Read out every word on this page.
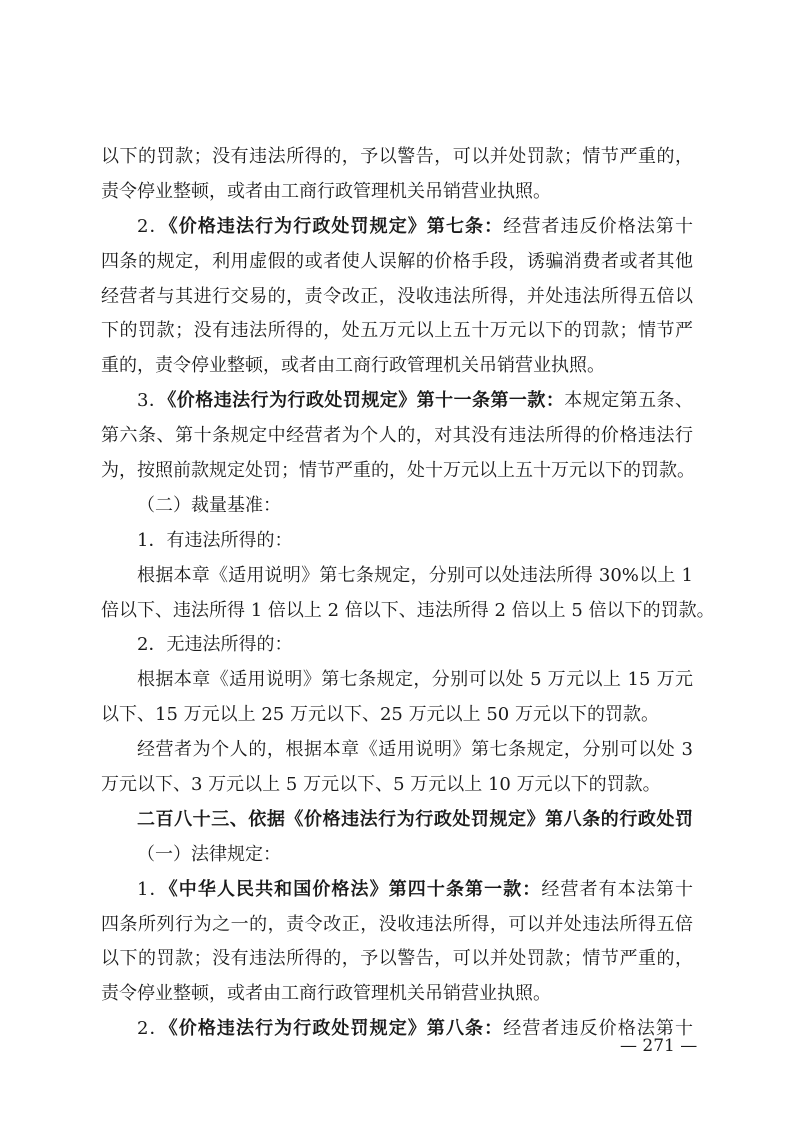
以下的罚款；没有违法所得的，予以警告，可以并处罚款；情节严重的，
责令停业整顿，或者由工商行政管理机关吊销营业执照。
2．《价格违法行为行政处罚规定》第七条：经营者违反价格法第十
四条的规定，利用虚假的或者使人误解的价格手段，诱骗消费者或者其他
经营者与其进行交易的，责令改正，没收违法所得，并处违法所得五倍以
下的罚款；没有违法所得的，处五万元以上五十万元以下的罚款；情节严
重的，责令停业整顿，或者由工商行政管理机关吊销营业执照。
3．《价格违法行为行政处罚规定》第十一条第一款：本规定第五条、
第六条、第十条规定中经营者为个人的，对其没有违法所得的价格违法行
为，按照前款规定处罚；情节严重的，处十万元以上五十万元以下的罚款。
（二）裁量基准：
1．有违法所得的：
根据本章《适用说明》第七条规定，分别可以处违法所得 30%以上 1
倍以下、违法所得 1 倍以上 2 倍以下、违法所得 2 倍以上 5 倍以下的罚款。
2．无违法所得的：
根据本章《适用说明》第七条规定，分别可以处 5 万元以上 15 万元
以下、15 万元以上 25 万元以下、25 万元以上 50 万元以下的罚款。
经营者为个人的，根据本章《适用说明》第七条规定，分别可以处 3
万元以下、3 万元以上 5 万元以下、5 万元以上 10 万元以下的罚款。
二百八十三、依据《价格违法行为行政处罚规定》第八条的行政处罚
（一）法律规定：
1．《中华人民共和国价格法》第四十条第一款：经营者有本法第十
四条所列行为之一的，责令改正，没收违法所得，可以并处违法所得五倍
以下的罚款；没有违法所得的，予以警告，可以并处罚款；情节严重的，
责令停业整顿，或者由工商行政管理机关吊销营业执照。
2．《价格违法行为行政处罚规定》第八条：经营者违反价格法第十
— 271 —
